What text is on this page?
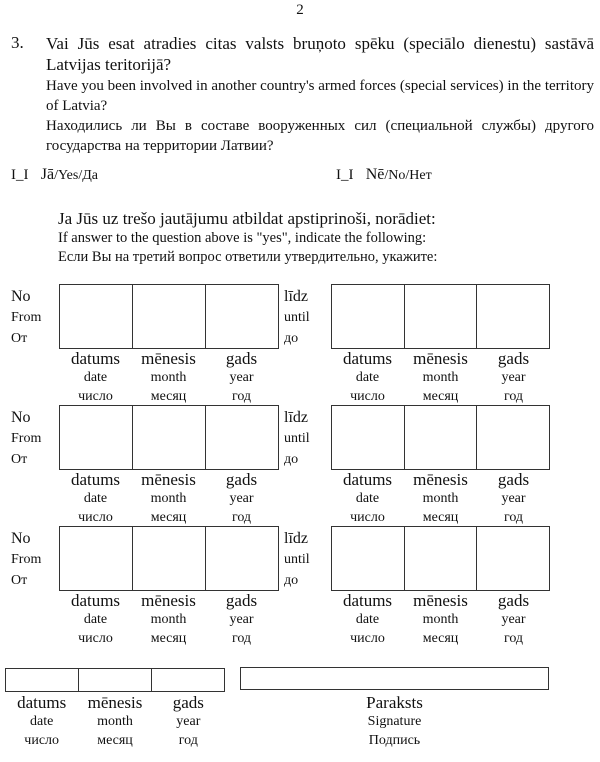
2
3. Vai Jūs esat atradies citas valsts bruņoto spēku (speciālo dienestu) sastāvā Latvijas teritorijā?
Have you been involved in another country's armed forces (special services) in the territory of Latvia?
Находились ли Вы в составе вооруженных сил (специальной службы) другого государства на территории Латвии?
I_I Jā/Yes/Да	I_I Nē/No/Нет
Ja Jūs uz trešo jautājumu atbildat apstiprinoši, norādiet:
If answer to the question above is "yes", indicate the following:
Если Вы на третий вопрос ответили утвердительно, укажите:
No
From
От
datums
date
число
mēnesis
month
месяц
gads
year
год
līdz
until
до
datums
date
число
mēnesis
month
месяц
gads
year
год
No
From
От
datums
date
число
mēnesis
month
месяц
gads
year
год
līdz
until
до
datums
date
число
mēnesis
month
месяц
gads
year
год
No
From
От
datums
date
число
mēnesis
month
месяц
gads
year
год
līdz
until
до
datums
date
число
mēnesis
month
месяц
gads
year
год
datums
date
число
mēnesis
month
месяц
gads
year
год
Paraksts
Signature
Подпись
